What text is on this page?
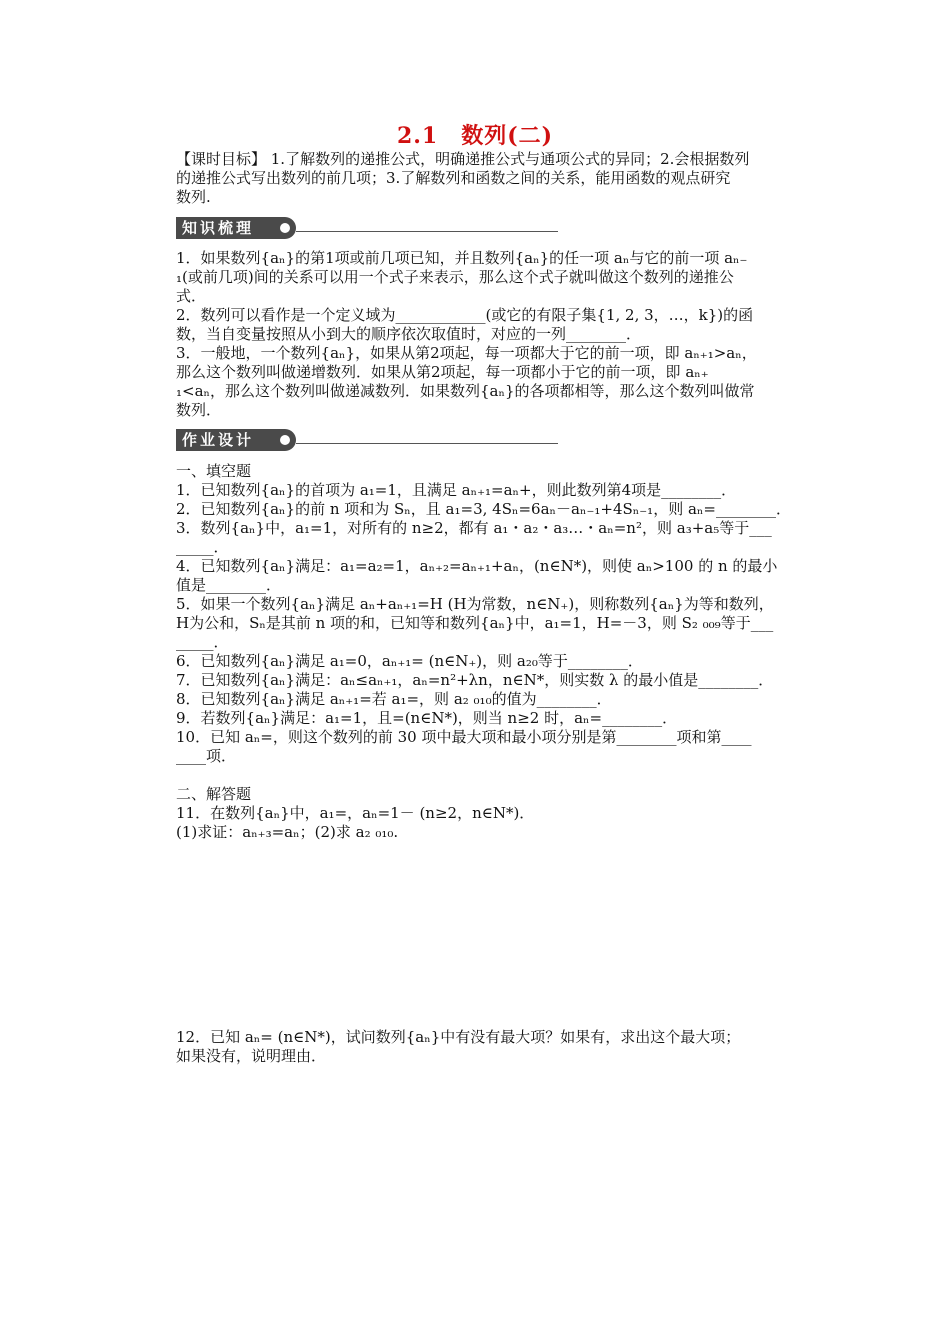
2.1　数列(二)
【课时目标】 1.了解数列的递推公式，明确递推公式与通项公式的异同；2.会根据数列
的递推公式写出数列的前几项；3.了解数列和函数之间的关系，能用函数的观点研究
数列.
知识梳理
1．如果数列{aₙ}的第1项或前几项已知，并且数列{aₙ}的任一项 aₙ与它的前一项 aₙ₋
₁(或前几项)间的关系可以用一个式子来表示，那么这个式子就叫做这个数列的递推公
式．
2．数列可以看作是一个定义域为____________(或它的有限子集{1, 2, 3，…，k})的函
数，当自变量按照从小到大的顺序依次取值时，对应的一列________．
3．一般地，一个数列{aₙ}，如果从第2项起，每一项都大于它的前一项，即 aₙ₊₁>aₙ，
那么这个数列叫做递增数列．如果从第2项起，每一项都小于它的前一项，即 aₙ₊
₁<aₙ，那么这个数列叫做递减数列．如果数列{aₙ}的各项都相等，那么这个数列叫做常
数列．
作业设计
一、填空题
1．已知数列{aₙ}的首项为 a₁=1，且满足 aₙ₊₁=aₙ+，则此数列第4项是________．
2．已知数列{aₙ}的前 n 项和为 Sₙ，且 a₁=3, 4Sₙ=6aₙ－aₙ₋₁+4Sₙ₋₁，则 aₙ=________．
3．数列{aₙ}中，a₁=1，对所有的 n≥2，都有 a₁・a₂・a₃…・aₙ=n²，则 a₃+a₅等于___
_____．
4．已知数列{aₙ}满足：a₁=a₂=1，aₙ₊₂=aₙ₊₁+aₙ，(n∈N*)，则使 aₙ>100 的 n 的最小
值是________．
5．如果一个数列{aₙ}满足 aₙ+aₙ₊₁=H (H为常数，n∈N₊)，则称数列{aₙ}为等和数列，
H为公和，Sₙ是其前 n 项的和，已知等和数列{aₙ}中，a₁=1，H=－3，则 S₂ ₀₀₉等于___
_____．
6．已知数列{aₙ}满足 a₁=0，aₙ₊₁= (n∈N₊)，则 a₂₀等于________．
7．已知数列{aₙ}满足：aₙ≤aₙ₊₁，aₙ=n²+λn，n∈N*，则实数 λ 的最小值是________．
8．已知数列{aₙ}满足 aₙ₊₁=若 a₁=，则 a₂ ₀₁₀的值为________．
9．若数列{aₙ}满足：a₁=1，且=(n∈N*)，则当 n≥2 时，aₙ=________．
10．已知 aₙ=，则这个数列的前 30 项中最大项和最小项分别是第________项和第____
____项．
二、解答题
11．在数列{aₙ}中，a₁=，aₙ=1－ (n≥2，n∈N*)．
(1)求证：aₙ₊₃=aₙ；(2)求 a₂ ₀₁₀.
12．已知 aₙ= (n∈N*)，试问数列{aₙ}中有没有最大项？如果有，求出这个最大项；
如果没有，说明理由．
